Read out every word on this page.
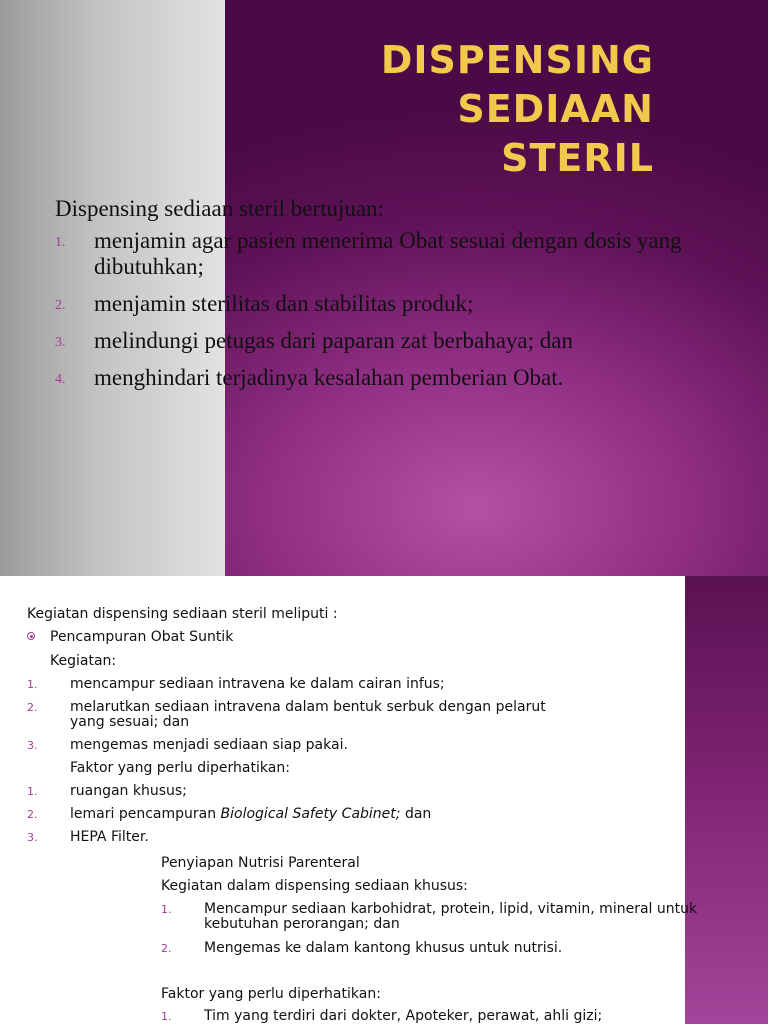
DISPENSING SEDIAAN
STERIL
Dispensing sediaan steril bertujuan:
1. menjamin agar pasien menerima Obat sesuai dengan dosis yang dibutuhkan;
2. menjamin sterilitas dan stabilitas produk;
3. melindungi petugas dari paparan zat berbahaya; dan
4. menghindari terjadinya kesalahan pemberian Obat.
Kegiatan dispensing sediaan steril meliputi :
Pencampuran Obat Suntik
Kegiatan:
1. mencampur sediaan intravena ke dalam cairan infus;
2. melarutkan sediaan intravena dalam bentuk serbuk dengan pelarut
yang sesuai; dan
3. mengemas menjadi sediaan siap pakai.
Faktor yang perlu diperhatikan:
1. ruangan khusus;
2. lemari pencampuran Biological Safety Cabinet; dan
3. HEPA Filter.
Penyiapan Nutrisi Parenteral
Kegiatan dalam dispensing sediaan khusus:
1. Mencampur sediaan karbohidrat, protein, lipid, vitamin, mineral untuk
kebutuhan perorangan; dan
2. Mengemas ke dalam kantong khusus untuk nutrisi.
Faktor yang perlu diperhatikan:
1. Tim yang terdiri dari dokter, Apoteker, perawat, ahli gizi;
